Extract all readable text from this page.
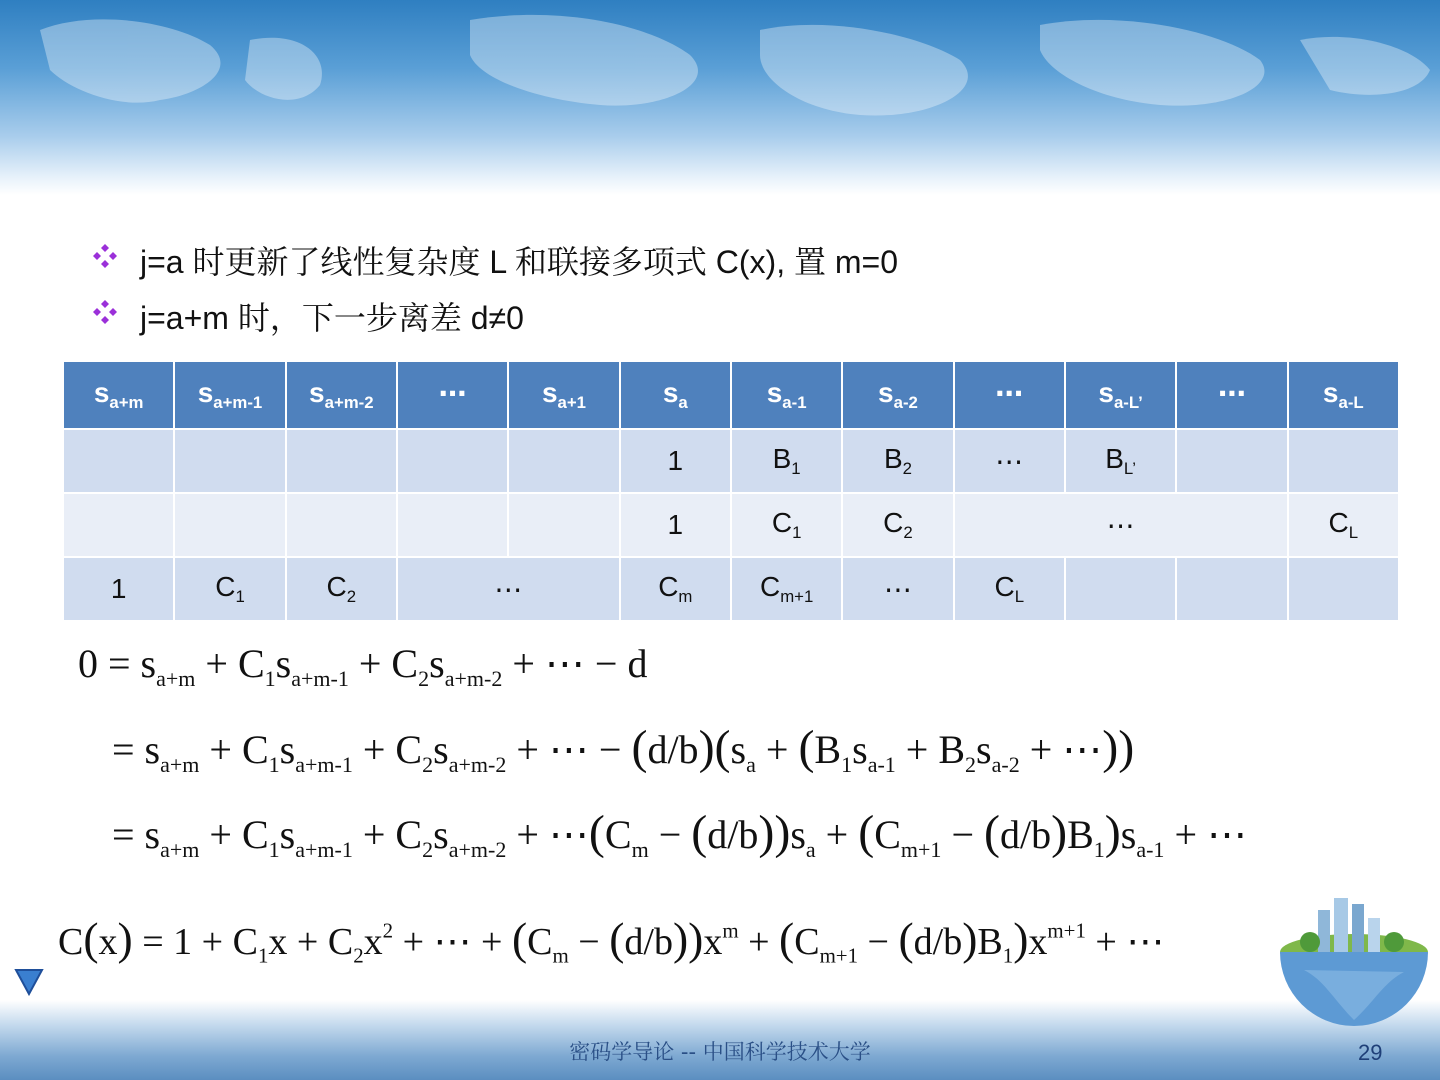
j=a 时更新了线性复杂度 L 和联接多项式 C(x), 置 m=0
j=a+m 时，下一步离差 d≠0
$s_{a+m}$	$s_{a+m-1}$	$s_{a+m-2}$	⋯	$s_{a+1}$	$s_a$	$s_{a-1}$	$s_{a-2}$	⋯	$s_{a-L’}$	⋯	$s_{a-L}$
					1	$B_1$	$B_2$	⋯	$B_{L’}$		
					1	$C_1$	$C_2$	⋯			$C_L$
1	$C_1$	$C_2$	⋯		$C_m$	$C_{m+1}$	⋯	$C_L$			
$0 = s_{a+m} + C_1s_{a+m-1} + C_2s_{a+m-2}$ + ⋯ − d
= $s_{a+m} + C_1s_{a+m-1} + C_2s_{a+m-2}$ + ⋯ − $(d/b)(s_a + (B_1s_{a-1} + B_2s_{a-2}$ + ⋯))
= $s_{a+m} + C_1s_{a+m-1} + C_2s_{a+m-2}$ + $\cdots(C_m - (d/b))s_a + (C_{m+1} - (d/b)B_1)s_{a-1}$ + ⋯
$C(x) = 1 + C_1x + C_2x^2$ + ⋯ + $(C_m - (d/b))x^m + (C_{m+1} - (d/b)B_1)x^{m+1}$ + ⋯
密码学导论 -- 中国科学技术大学	29
